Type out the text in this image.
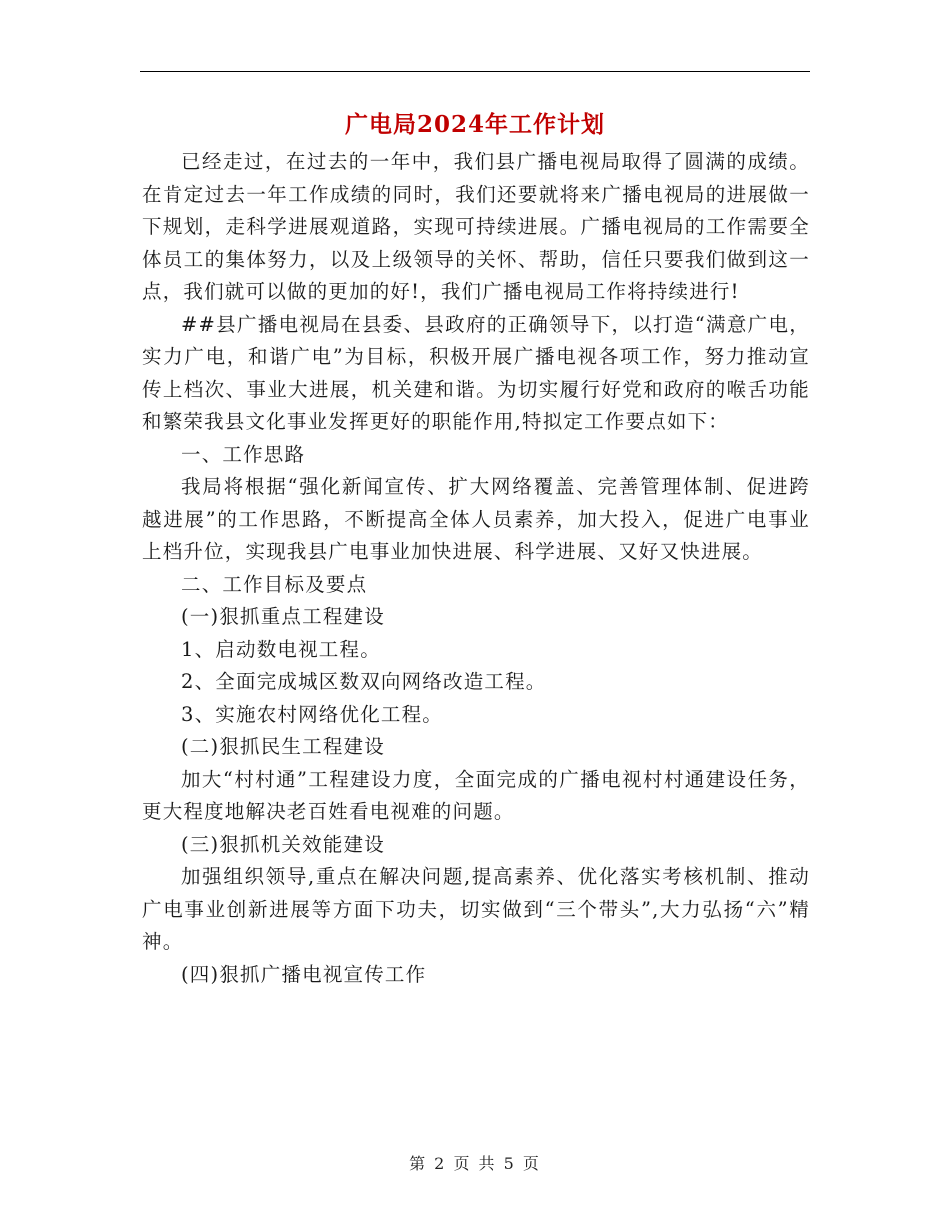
广电局2024年工作计划

已经走过，在过去的一年中，我们县广播电视局取得了圆满的成绩。在肯定过去一年工作成绩的同时，我们还要就将来广播电视局的进展做一下规划，走科学进展观道路，实现可持续进展。广播电视局的工作需要全体员工的集体努力，以及上级领导的关怀、帮助，信任只要我们做到这一点，我们就可以做的更加的好!，我们广播电视局工作将持续进行!

##县广播电视局在县委、县政府的正确领导下，以打造“满意广电，实力广电，和谐广电”为目标，积极开展广播电视各项工作，努力推动宣传上档次、事业大进展，机关建和谐。为切实履行好党和政府的喉舌功能和繁荣我县文化事业发挥更好的职能作用,特拟定工作要点如下：

一、工作思路

我局将根据“强化新闻宣传、扩大网络覆盖、完善管理体制、促进跨越进展”的工作思路，不断提高全体人员素养，加大投入，促进广电事业上档升位，实现我县广电事业加快进展、科学进展、又好又快进展。

二、工作目标及要点

(一)狠抓重点工程建设

1、启动数电视工程。

2、全面完成城区数双向网络改造工程。

3、实施农村网络优化工程。

(二)狠抓民生工程建设

加大“村村通”工程建设力度，全面完成的广播电视村村通建设任务，更大程度地解决老百姓看电视难的问题。

(三)狠抓机关效能建设

加强组织领导,重点在解决问题,提高素养、优化落实考核机制、推动广电事业创新进展等方面下功夫，切实做到“三个带头”,大力弘扬“六”精神。

(四)狠抓广播电视宣传工作

第 2 页 共 5 页
